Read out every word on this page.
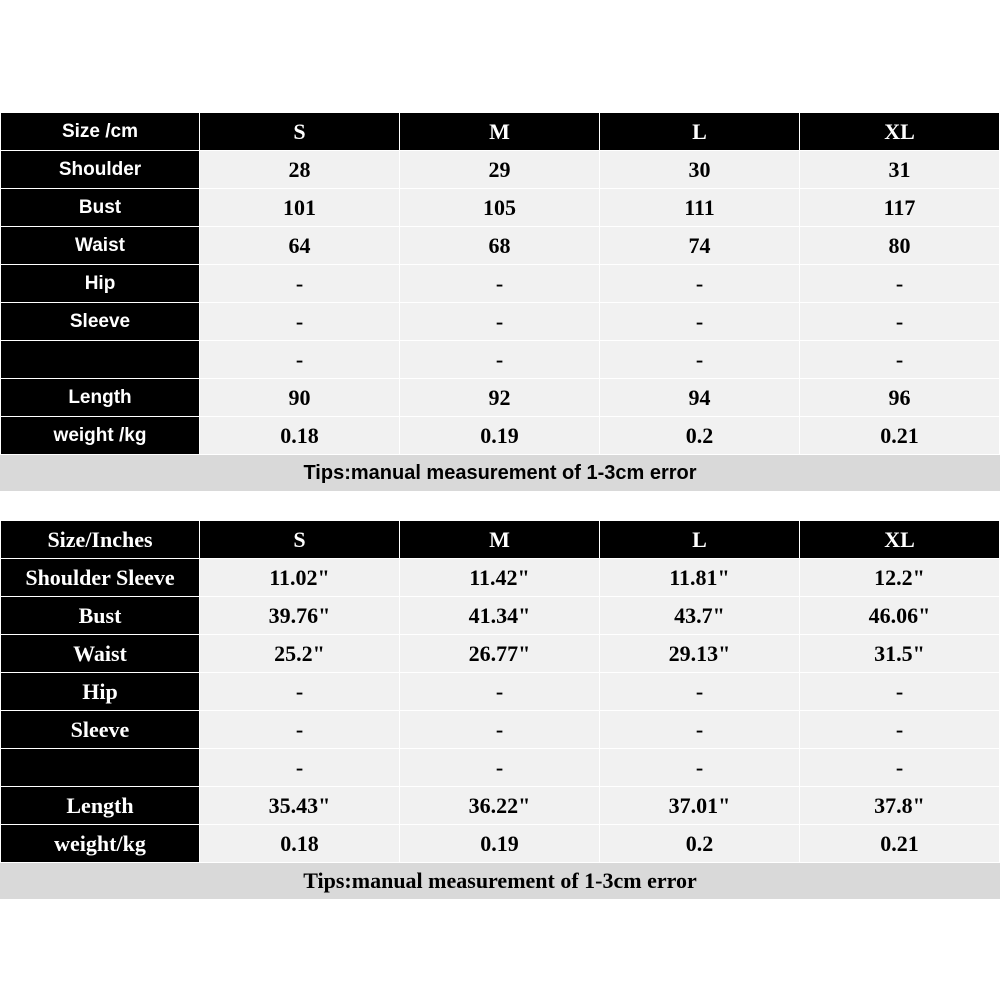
Size /cm	S	M	L	XL
Shoulder	28	29	30	31
Bust	101	105	111	117
Waist	64	68	74	80
Hip	-	-	-	-
Sleeve	-	-	-	-
	-	-	-	-
Length	90	92	94	96
weight /kg	0.18	0.19	0.2	0.21
Tips:manual measurement of 1-3cm error
Size/Inches	S	M	L	XL
Shoulder Sleeve	11.02"	11.42"	11.81"	12.2"
Bust	39.76"	41.34"	43.7"	46.06"
Waist	25.2"	26.77"	29.13"	31.5"
Hip	-	-	-	-
Sleeve	-	-	-	-
	-	-	-	-
Length	35.43"	36.22"	37.01"	37.8"
weight/kg	0.18	0.19	0.2	0.21
Tips:manual measurement of 1-3cm error
